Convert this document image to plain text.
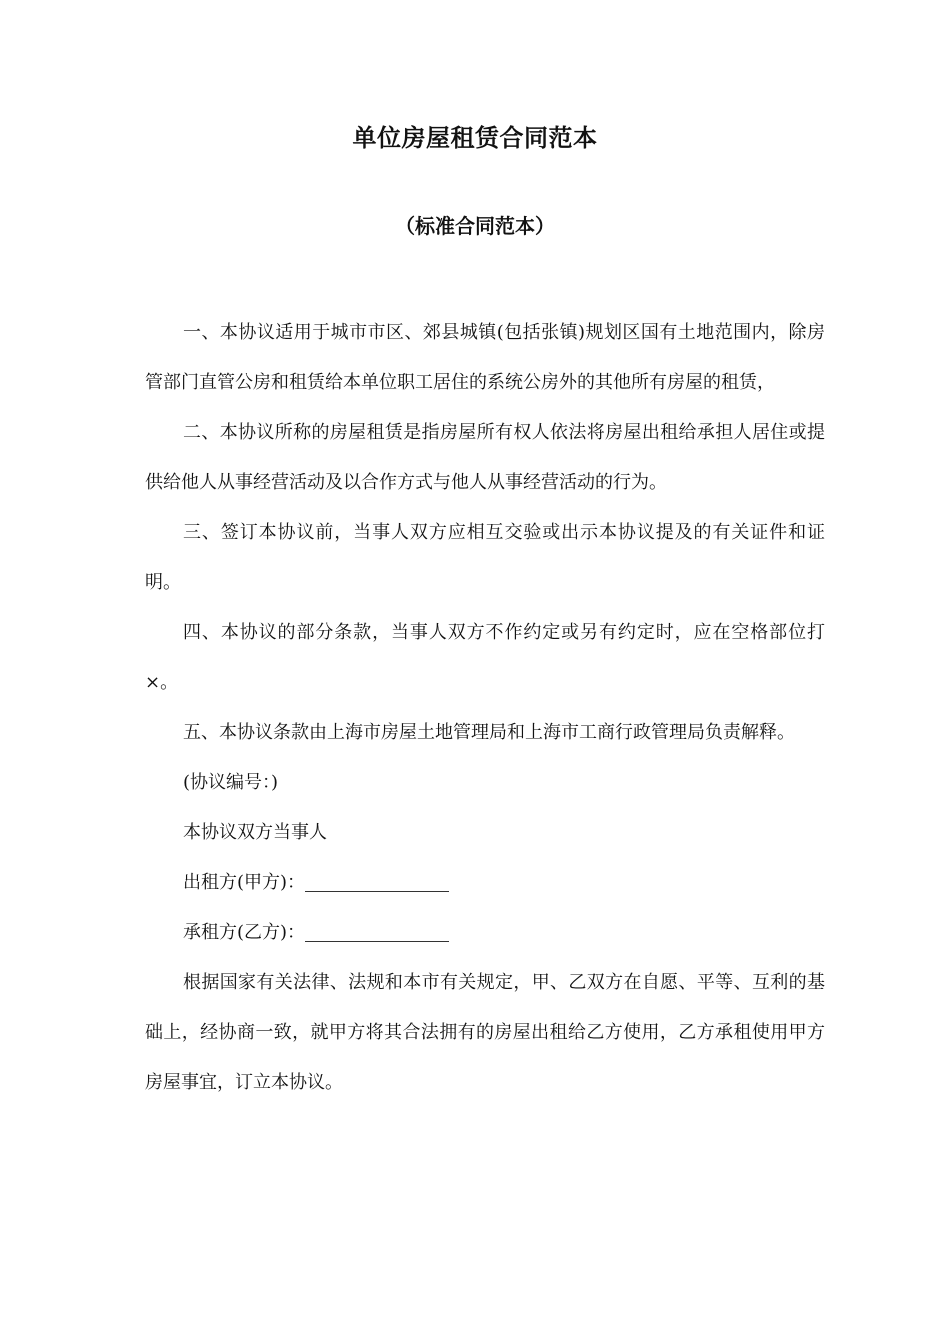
单位房屋租赁合同范本
（标准合同范本）

一、本协议适用于城市市区、郊县城镇(包括张镇)规划区国有土地范围内，除房管部门直管公房和租赁给本单位职工居住的系统公房外的其他所有房屋的租赁，

二、本协议所称的房屋租赁是指房屋所有权人依法将房屋出租给承担人居住或提供给他人从事经营活动及以合作方式与他人从事经营活动的行为。

三、签订本协议前，当事人双方应相互交验或出示本协议提及的有关证件和证明。

四、本协议的部分条款，当事人双方不作约定或另有约定时，应在空格部位打×。

五、本协议条款由上海市房屋土地管理局和上海市工商行政管理局负责解释。

(协议编号：)

本协议双方当事人

出租方(甲方)：

承租方(乙方)：

根据国家有关法律、法规和本市有关规定，甲、乙双方在自愿、平等、互利的基础上，经协商一致，就甲方将其合法拥有的房屋出租给乙方使用，乙方承租使用甲方房屋事宜，订立本协议。
